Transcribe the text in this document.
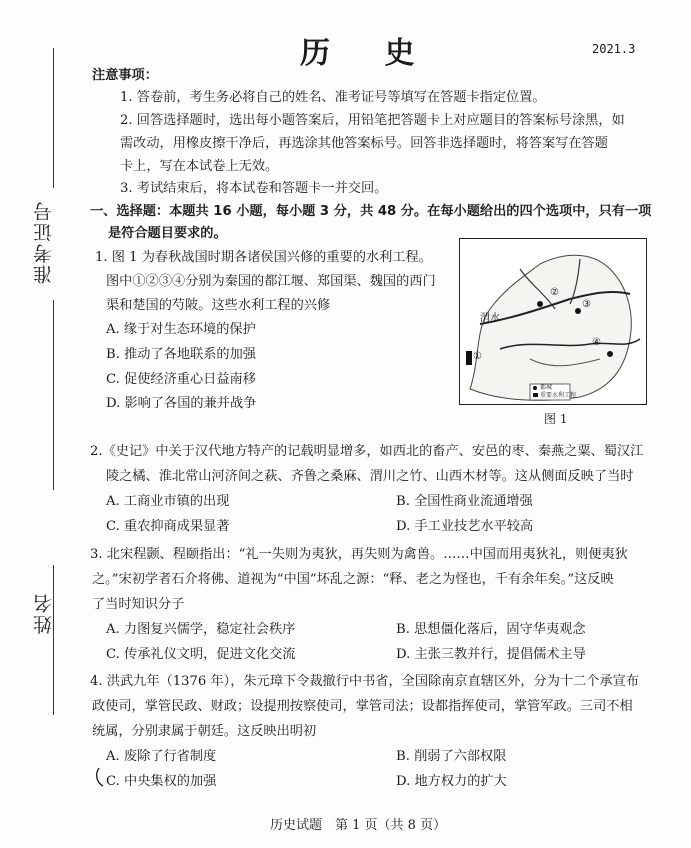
历 史	2021.3
准考证号
姓名
注意事项：
1. 答卷前，考生务必将自己的姓名、准考证号等填写在答题卡指定位置。
2. 回答选择题时，选出每小题答案后，用铅笔把答题卡上对应题目的答案标号涂黑，如
需改动，用橡皮擦干净后，再选涂其他答案标号。回答非选择题时，将答案写在答题
卡上，写在本试卷上无效。
3. 考试结束后，将本试卷和答题卡一并交回。
一、选择题：本题共 16 小题，每小题 3 分，共 48 分。在每小题给出的四个选项中，只有一项
是符合题目要求的。
1. 图 1 为春秋战国时期各诸侯国兴修的重要的水利工程。
图中①②③④分别为秦国的都江堰、郑国渠、魏国的西门
渠和楚国的芍陂。这些水利工程的兴修
A. 缘于对生态环境的保护
B. 推动了各地联系的加强
C. 促使经济重心日益南移
D. 影响了各国的兼并战争
渭水
都城
重要水利工程
②
③
④
①
图 1
2.《史记》中关于汉代地方特产的记载明显增多，如西北的畜产、安邑的枣、秦燕之粟、蜀汉江
陵之橘、淮北常山河济间之萩、齐鲁之桑麻、渭川之竹、山西木材等。这从侧面反映了当时
A. 工商业市镇的出现	B. 全国性商业流通增强
C. 重农抑商成果显著	D. 手工业技艺水平较高
3. 北宋程颢、程颐指出：“礼一失则为夷狄，再失则为禽兽。……中国而用夷狄礼，则便夷狄
之。”宋初学者石介将佛、道视为“中国”坏乱之源：“释、老之为怪也，千有余年矣。”这反映
了当时知识分子
A. 力图复兴儒学，稳定社会秩序	B. 思想僵化落后，固守华夷观念
C. 传承礼仪文明，促进文化交流	D. 主张三教并行，提倡儒术主导
4. 洪武九年（1376 年），朱元璋下令裁撤行中书省，全国除南京直辖区外，分为十二个承宣布
政使司，掌管民政、财政；设提刑按察使司，掌管司法；设都指挥使司，掌管军政。三司不相
统属，分别隶属于朝廷。这反映出明初
A. 废除了行省制度	B. 削弱了六部权限
C. 中央集权的加强	D. 地方权力的扩大
历史试题　第 1 页（共 8 页）
